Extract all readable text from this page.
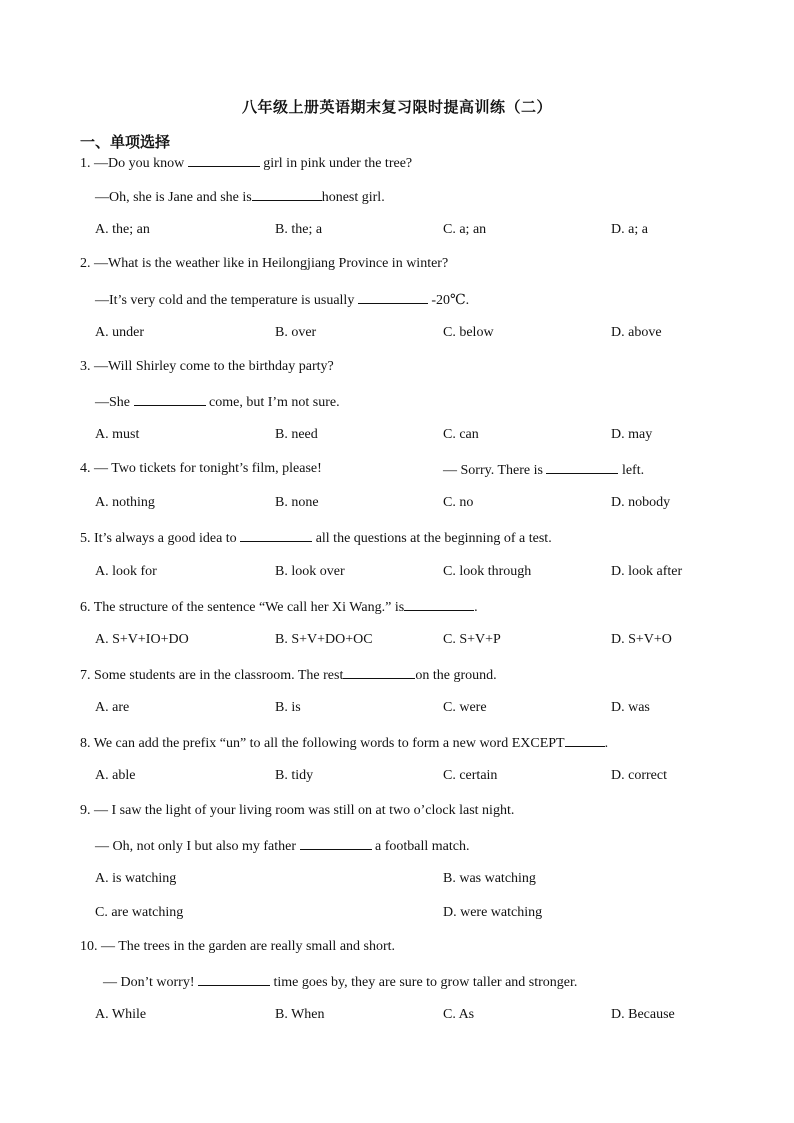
八年级上册英语期末复习限时提高训练（二）
一、单项选择
1. —Do you know	girl in pink under the tree?
—Oh, she is Jane and she is	honest girl.
A. the; an	B. the; a	C. a; an	D. a; a
2. —What is the weather like in Heilongjiang Province in winter?
—It’s very cold and the temperature is usually	-20℃.
A. under	B. over	C. below	D. above
3. —Will Shirley come to the birthday party?
—She	come, but I’m not sure.
A. must	B. need	C. can	D. may
4. — Two tickets for tonight’s film, please!	— Sorry. There is	left.
A. nothing	B. none	C. no	D. nobody
5. It’s always a good idea to	all the questions at the beginning of a test.
A. look for	B. look over	C. look through	D. look after
6. The structure of the sentence “We call her Xi Wang.” is	.
A. S+V+IO+DO	B. S+V+DO+OC	C. S+V+P	D. S+V+O
7. Some students are in the classroom. The rest	on the ground.
A. are	B. is	C. were	D. was
8. We can add the prefix “un” to all the following words to form a new word EXCEPT	.
A. able	B. tidy	C. certain	D. correct
9. — I saw the light of your living room was still on at two o’clock last night.
— Oh, not only I but also my father	a football match.
A. is watching	B. was watching
C. are watching	D. were watching
10. — The trees in the garden are really small and short.
— Don’t worry!	time goes by, they are sure to grow taller and stronger.
A. While	B. When	C. As	D. Because
